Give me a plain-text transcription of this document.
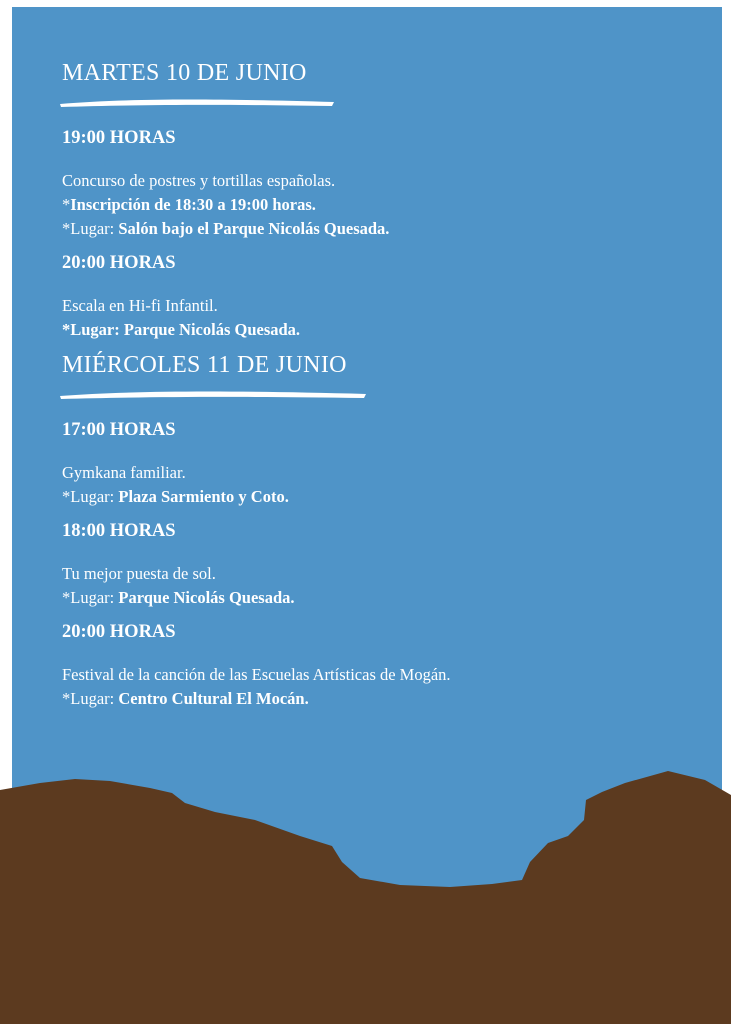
MARTES 10 DE JUNIO
19:00 HORAS
Concurso de postres y tortillas españolas.
*Inscripción de 18:30 a 19:00 horas.
*Lugar: Salón bajo el Parque Nicolás Quesada.
20:00 HORAS
Escala en Hi-fi Infantil.
*Lugar: Parque Nicolás Quesada.
MIÉRCOLES 11 DE JUNIO
17:00 HORAS
Gymkana familiar.
*Lugar: Plaza Sarmiento y Coto.
18:00 HORAS
Tu mejor puesta de sol.
*Lugar: Parque Nicolás Quesada.
20:00 HORAS
Festival de la canción de las Escuelas Artísticas de Mogán.
*Lugar: Centro Cultural El Mocán.
